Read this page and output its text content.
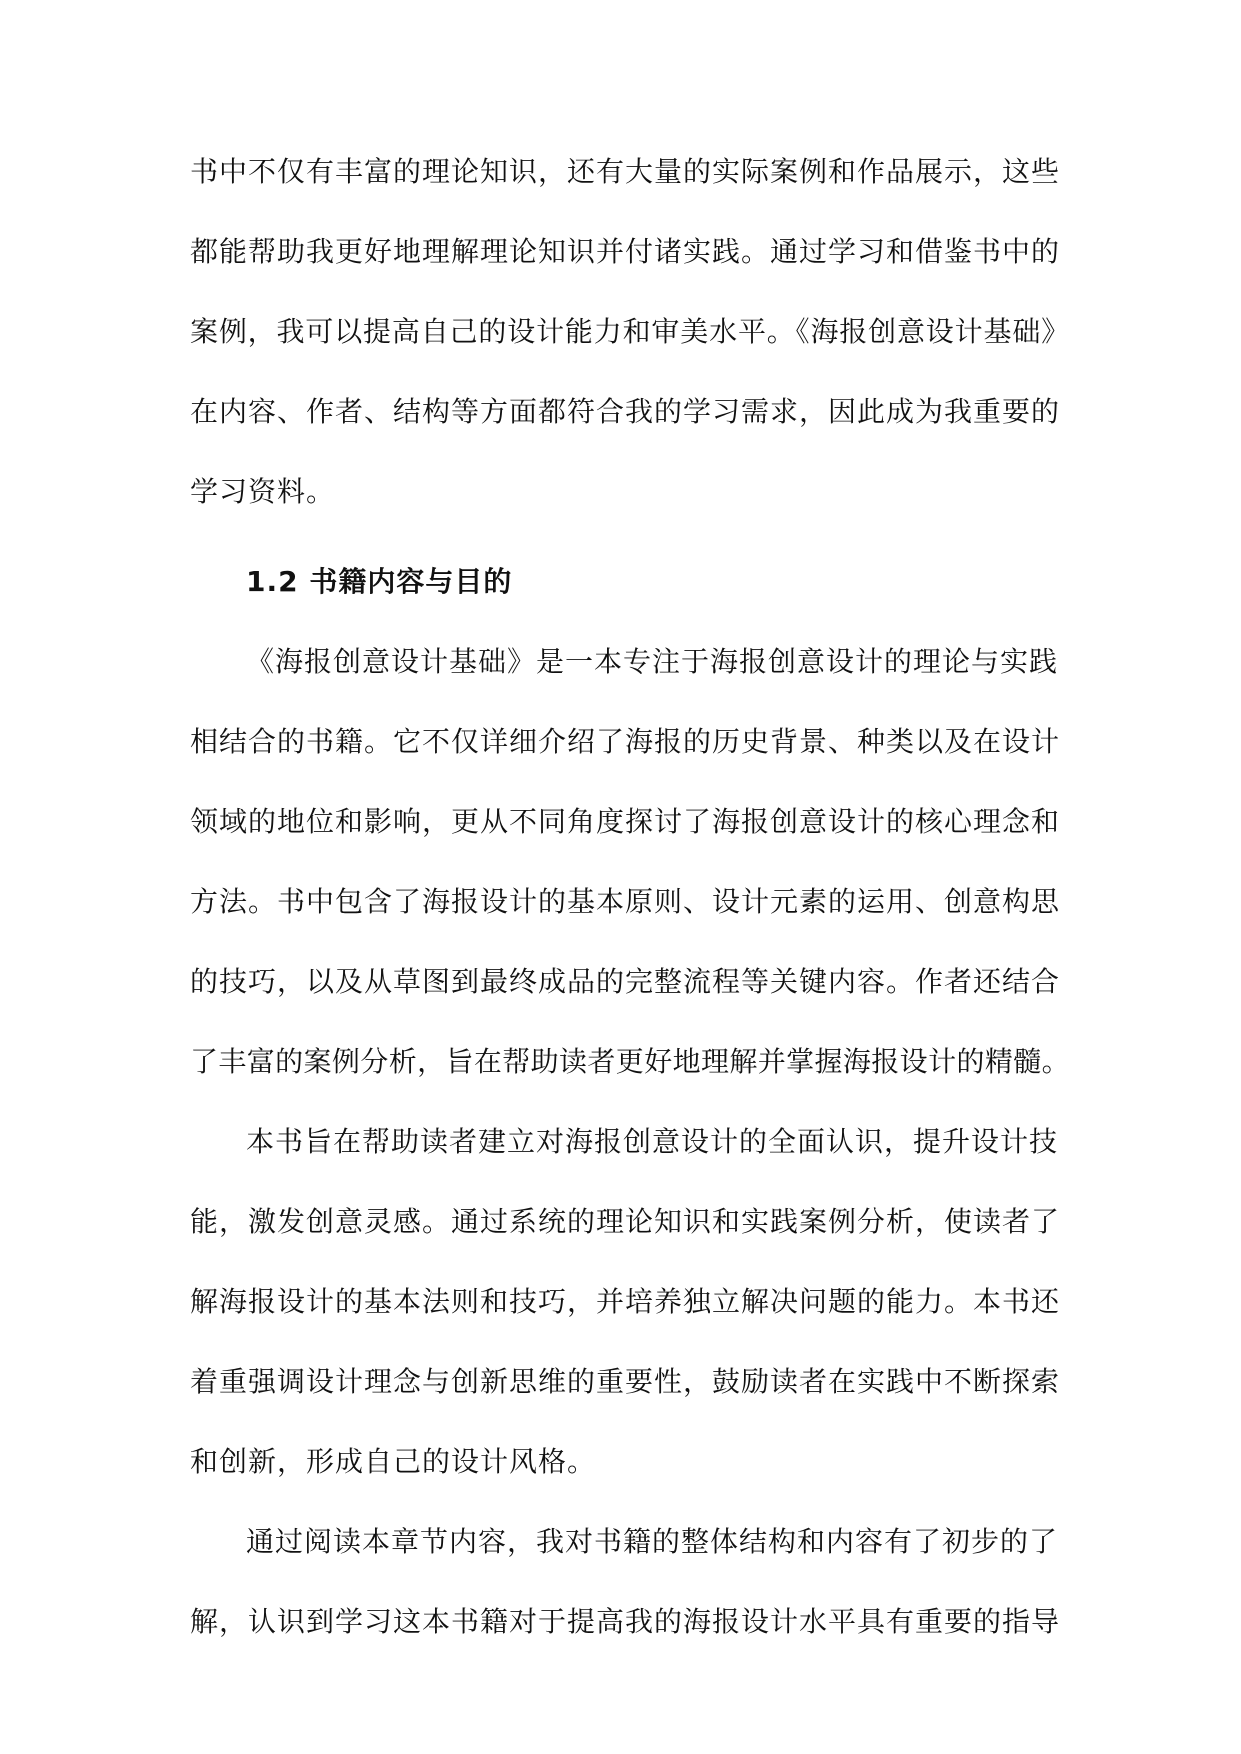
书中不仅有丰富的理论知识，还有大量的实际案例和作品展示，这些
都能帮助我更好地理解理论知识并付诸实践。通过学习和借鉴书中的
案例，我可以提高自己的设计能力和审美水平。《海报创意设计基础》
在内容、作者、结构等方面都符合我的学习需求，因此成为我重要的
学习资料。
1.2 书籍内容与目的
《海报创意设计基础》是一本专注于海报创意设计的理论与实践
相结合的书籍。它不仅详细介绍了海报的历史背景、种类以及在设计
领域的地位和影响，更从不同角度探讨了海报创意设计的核心理念和
方法。书中包含了海报设计的基本原则、设计元素的运用、创意构思
的技巧，以及从草图到最终成品的完整流程等关键内容。作者还结合
了丰富的案例分析，旨在帮助读者更好地理解并掌握海报设计的精髓。
本书旨在帮助读者建立对海报创意设计的全面认识，提升设计技
能，激发创意灵感。通过系统的理论知识和实践案例分析，使读者了
解海报设计的基本法则和技巧，并培养独立解决问题的能力。本书还
着重强调设计理念与创新思维的重要性，鼓励读者在实践中不断探索
和创新，形成自己的设计风格。
通过阅读本章节内容，我对书籍的整体结构和内容有了初步的了
解，认识到学习这本书籍对于提高我的海报设计水平具有重要的指导
